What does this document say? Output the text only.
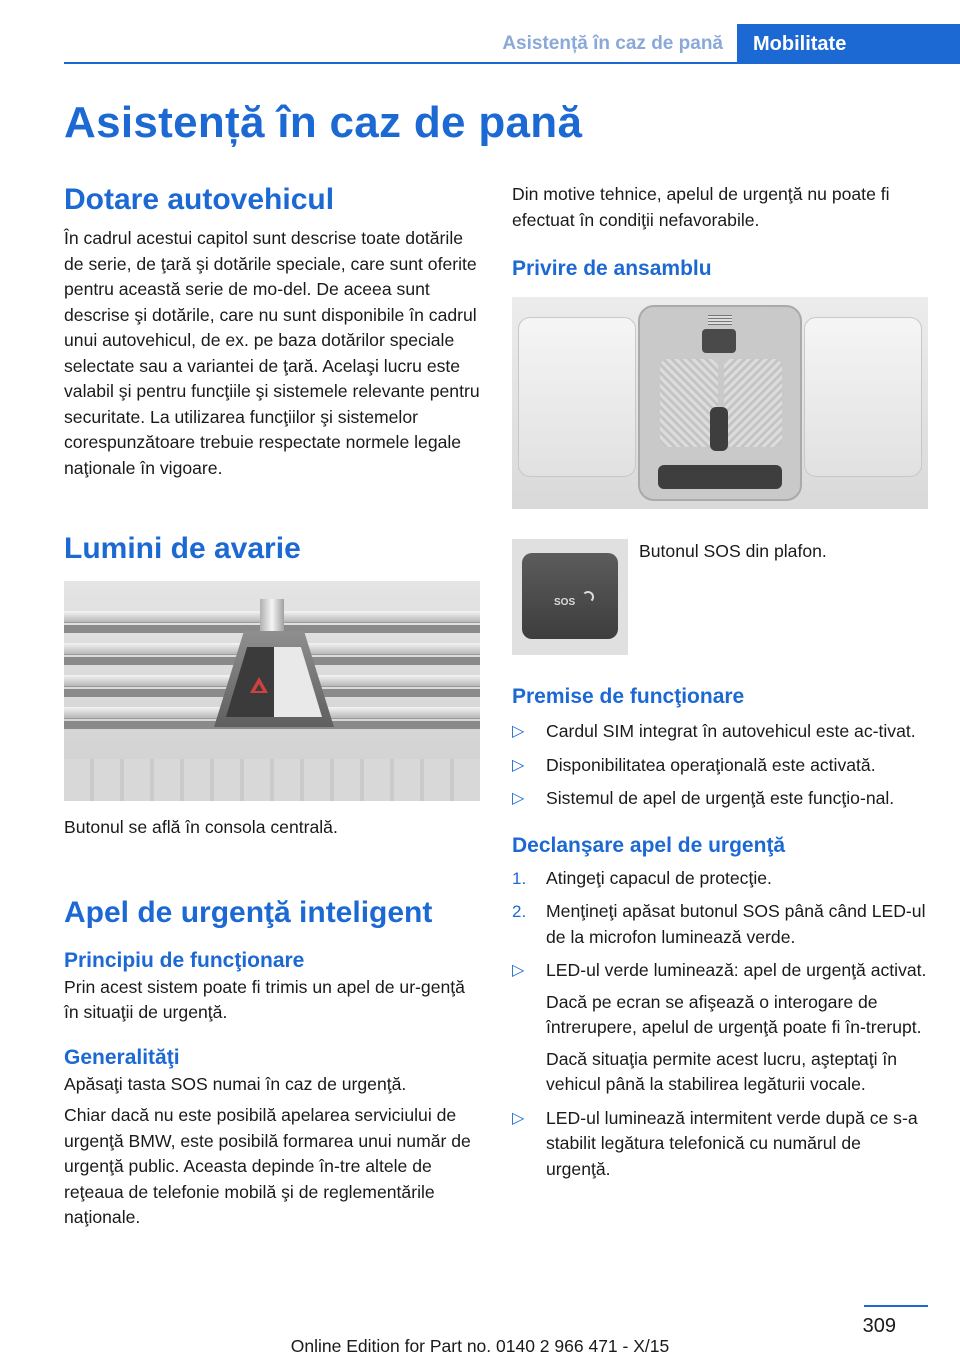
Asistență în caz de pană	Mobilitate
Asistență în caz de pană
Dotare autovehicul

În cadrul acestui capitol sunt descrise toate dotările de serie, de ţară şi dotările speciale, care sunt oferite pentru această serie de mo‐del. De aceea sunt descrise şi dotările, care nu sunt disponibile în cadrul unui autovehicul, de ex. pe baza dotărilor speciale selectate sau a variantei de ţară. Acelaşi lucru este valabil şi pentru funcţiile şi sistemele relevante pentru securitate. La utilizarea funcţiilor şi sistemelor corespunzătoare trebuie respectate normele legale naţionale în vigoare.

Lumini de avarie

Butonul se află în consola centrală.

Apel de urgenţă inteligent
Principiu de funcţionare

Prin acest sistem poate fi trimis un apel de ur‐genţă în situaţii de urgenţă.

Generalităţi

Apăsaţi tasta SOS numai în caz de urgenţă.

Chiar dacă nu este posibilă apelarea serviciului de urgenţă BMW, este posibilă formarea unui număr de urgenţă public. Aceasta depinde în‐tre altele de reţeaua de telefonie mobilă şi de reglementările naţionale.

Din motive tehnice, apelul de urgenţă nu poate fi efectuat în condiţii nefavorabile.

Privire de ansamblu
SOS

Butonul SOS din plafon.

Premise de funcţionare
▷ Cardul SIM integrat în autovehicul este ac‐tivat.
▷ Disponibilitatea operaţională este activată.
▷ Sistemul de apel de urgenţă este funcţio‐nal.
Declanşare apel de urgenţă
1. Atingeţi capacul de protecţie.
2. Menţineţi apăsat butonul SOS până când LED-ul de la microfon luminează verde.
▷ LED-ul verde luminează: apel de urgenţă activat.
Dacă pe ecran se afişează o interogare de întrerupere, apelul de urgenţă poate fi în‐trerupt.
Dacă situaţia permite acest lucru, aşteptaţi în vehicul până la stabilirea legăturii vocale.
▷ LED-ul luminează intermitent verde după ce s-a stabilit legătura telefonică cu numărul de urgenţă.
309
Online Edition for Part no. 0140 2 966 471 - X/15
